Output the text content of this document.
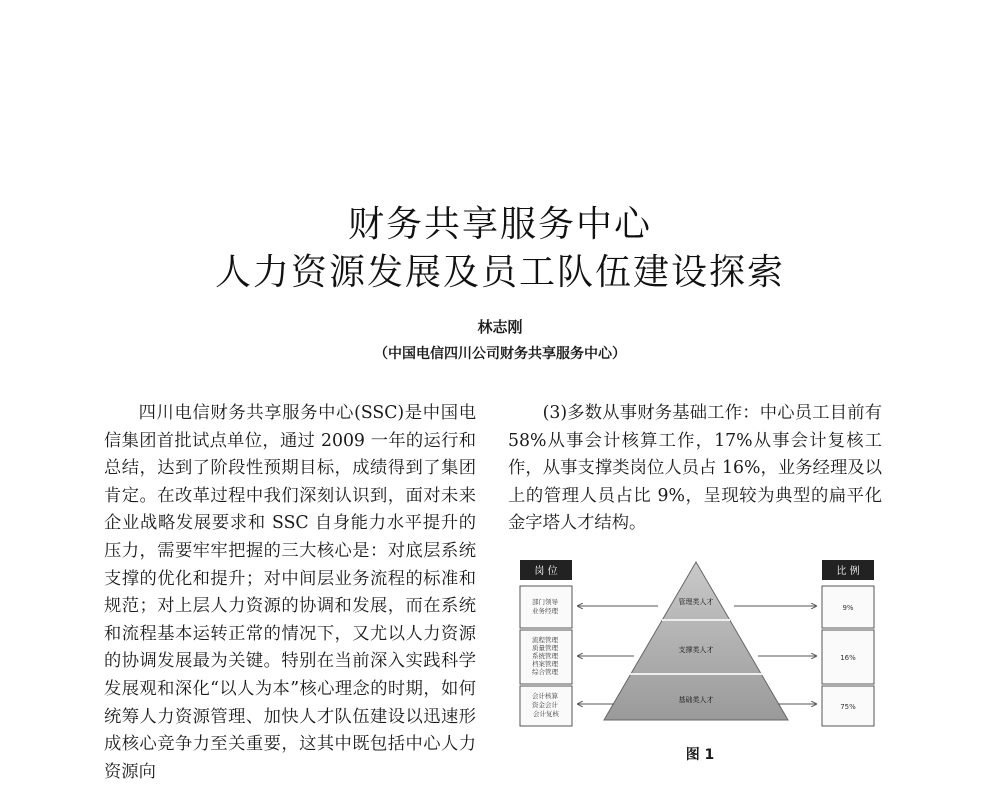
财务共享服务中心
人力资源发展及员工队伍建设探索
林志刚
（中国电信四川公司财务共享服务中心）

四川电信财务共享服务中心(SSC)是中国电信集团首批试点单位，通过 2009 一年的运行和总结，达到了阶段性预期目标，成绩得到了集团肯定。在改革过程中我们深刻认识到，面对未来企业战略发展要求和 SSC 自身能力水平提升的压力，需要牢牢把握的三大核心是：对底层系统支撑的优化和提升；对中间层业务流程的标准和规范；对上层人力资源的协调和发展，而在系统和流程基本运转正常的情况下，又尤以人力资源的协调发展最为关键。特别在当前深入实践科学发展观和深化“以人为本”核心理念的时期，如何统筹人力资源管理、加快人才队伍建设以迅速形成核心竞争力至关重要，这其中既包括中心人力资源向

(3)多数从事财务基础工作：中心员工目前有 58%从事会计核算工作，17%从事会计复核工作，从事支撑类岗位人员占 16%，业务经理及以上的管理人员占比 9%，呈现较为典型的扁平化金字塔人才结构。

岗 位	比 例
部门领导 业务经理 流程管理 质量管理 系统管理 档案管理 综合管理 会计核算 资金会计 会计复核
9%
16%
75%
管理类人才
支撑类人才
基础类人才
图 1
